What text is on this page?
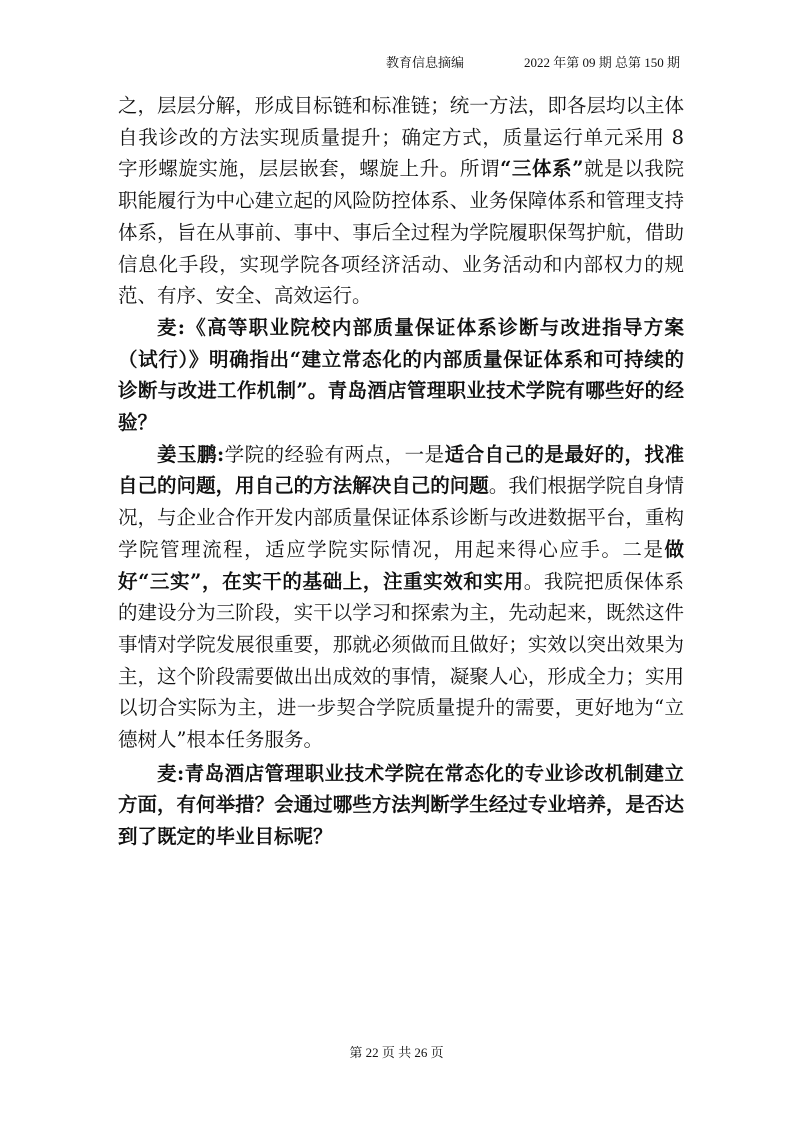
教育信息摘编	2022 年第 09 期 总第 150 期

之，层层分解，形成目标链和标准链；统一方法，即各层均以主体自我诊改的方法实现质量提升；确定方式，质量运行单元采用 8 字形螺旋实施，层层嵌套，螺旋上升。所谓“三体系”就是以我院职能履行为中心建立起的风险防控体系、业务保障体系和管理支持体系，旨在从事前、事中、事后全过程为学院履职保驾护航，借助信息化手段，实现学院各项经济活动、业务活动和内部权力的规范、有序、安全、高效运行。

麦:《高等职业院校内部质量保证体系诊断与改进指导方案（试行）》明确指出“建立常态化的内部质量保证体系和可持续的诊断与改进工作机制”。青岛酒店管理职业技术学院有哪些好的经验？

姜玉鹏:学院的经验有两点，一是适合自己的是最好的，找准自己的问题，用自己的方法解决自己的问题。我们根据学院自身情况，与企业合作开发内部质量保证体系诊断与改进数据平台，重构学院管理流程，适应学院实际情况，用起来得心应手。二是做好“三实”，在实干的基础上，注重实效和实用。我院把质保体系的建设分为三阶段，实干以学习和探索为主，先动起来，既然这件事情对学院发展很重要，那就必须做而且做好；实效以突出效果为主，这个阶段需要做出出成效的事情，凝聚人心，形成全力；实用以切合实际为主，进一步契合学院质量提升的需要，更好地为“立德树人”根本任务服务。

麦:青岛酒店管理职业技术学院在常态化的专业诊改机制建立方面，有何举措？会通过哪些方法判断学生经过专业培养，是否达到了既定的毕业目标呢？

第 22 页 共 26 页
